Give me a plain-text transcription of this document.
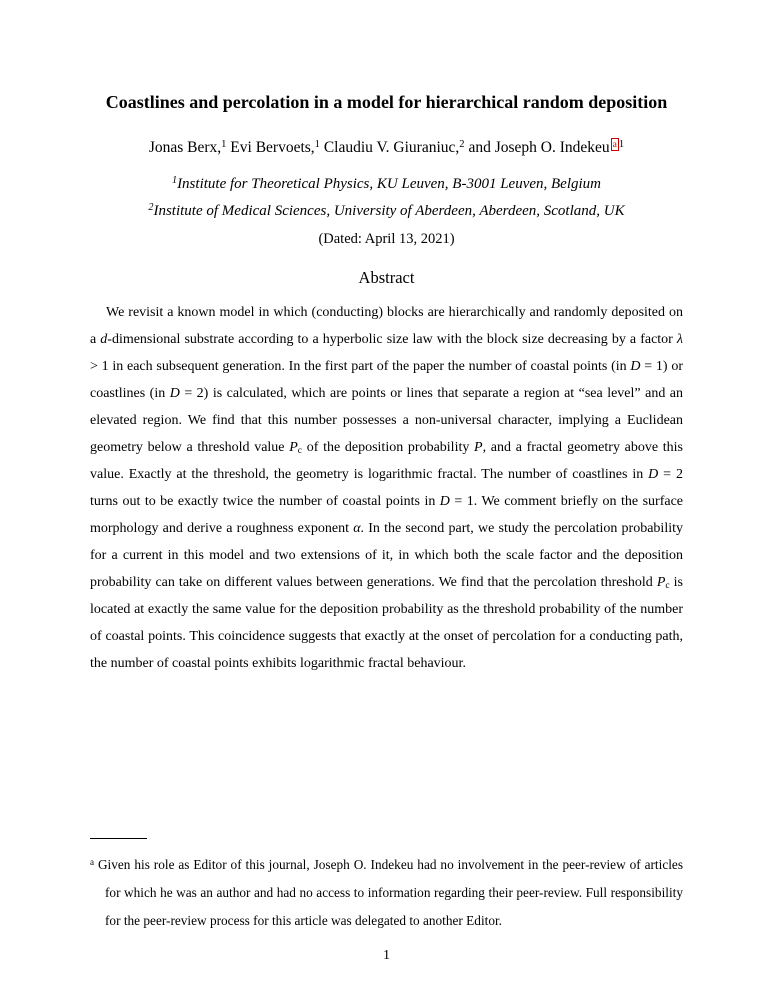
Coastlines and percolation in a model for hierarchical random deposition
Jonas Berx,$^1$ Evi Bervoets,$^1$ Claudiu V. Giuraniuc,$^2$ and Joseph O. Indekeu $^a$ $^1$
$^1$Institute for Theoretical Physics, KU Leuven, B-3001 Leuven, Belgium
$^2$Institute of Medical Sciences, University of Aberdeen, Aberdeen, Scotland, UK
(Dated: April 13, 2021)
Abstract
We revisit a known model in which (conducting) blocks are hierarchically and randomly deposited on a d-dimensional substrate according to a hyperbolic size law with the block size decreasing by a factor λ > 1 in each subsequent generation. In the first part of the paper the number of coastal points (in D = 1) or coastlines (in D = 2) is calculated, which are points or lines that separate a region at “sea level” and an elevated region. We find that this number possesses a non-universal character, implying a Euclidean geometry below a threshold value Pc of the deposition probability P, and a fractal geometry above this value. Exactly at the threshold, the geometry is logarithmic fractal. The number of coastlines in D = 2 turns out to be exactly twice the number of coastal points in D = 1. We comment briefly on the surface morphology and derive a roughness exponent α. In the second part, we study the percolation probability for a current in this model and two extensions of it, in which both the scale factor and the deposition probability can take on different values between generations. We find that the percolation threshold Pc is located at exactly the same value for the deposition probability as the threshold probability of the number of coastal points. This coincidence suggests that exactly at the onset of percolation for a conducting path, the number of coastal points exhibits logarithmic fractal behaviour.
$^a$ Given his role as Editor of this journal, Joseph O. Indekeu had no involvement in the peer-review of articles for which he was an author and had no access to information regarding their peer-review. Full responsibility for the peer-review process for this article was delegated to another Editor.
1
